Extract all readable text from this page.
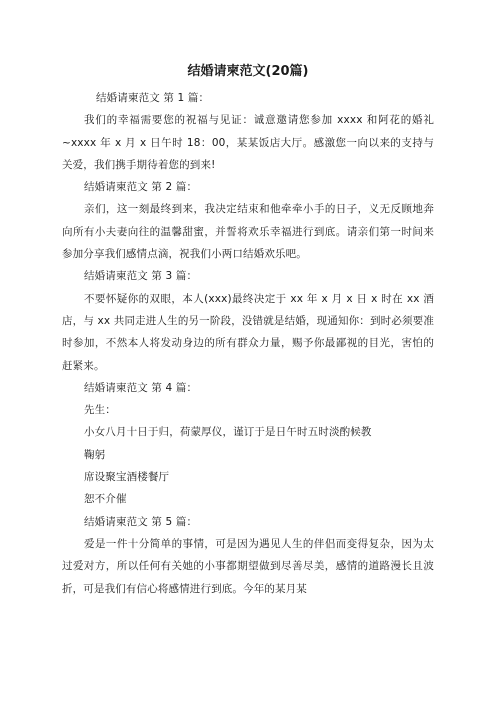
结婚请柬范文(20篇)
结婚请柬范文 第 1 篇：

我们的幸福需要您的祝福与见证：诚意邀请您参加 xxxx 和阿花的婚礼~xxxx 年 x 月 x 日午时 18：00，某某饭店大厅。感激您一向以来的支持与关爱，我们携手期待着您的到来!

结婚请柬范文 第 2 篇：

亲们，这一刻最终到来，我决定结束和他牵牵小手的日子，义无反顾地奔向所有小夫妻向往的温馨甜蜜，并誓将欢乐幸福进行到底。请亲们第一时间来参加分享我们感情点滴，祝我们小两口结婚欢乐吧。

结婚请柬范文 第 3 篇：

不要怀疑你的双眼，本人(xxx)最终决定于 xx 年 x 月 x 日 x 时在 xx 酒店，与 xx 共同走进人生的另一阶段，没错就是结婚，现通知你：到时必须要准时参加，不然本人将发动身边的所有群众力量，赐予你最鄙视的目光，害怕的赶紧来。

结婚请柬范文 第 4 篇：
先生：
小女八月十日于归，荷蒙厚仪，谨订于是日午时五时淡酌候教
鞠躬
席设聚宝酒楼餐厅
恕不介催
结婚请柬范文 第 5 篇：

爱是一件十分简单的事情，可是因为遇见人生的伴侣而变得复杂，因为太过爱对方，所以任何有关她的小事都期望做到尽善尽美，感情的道路漫长且波折，可是我们有信心将感情进行到底。今年的某月某
